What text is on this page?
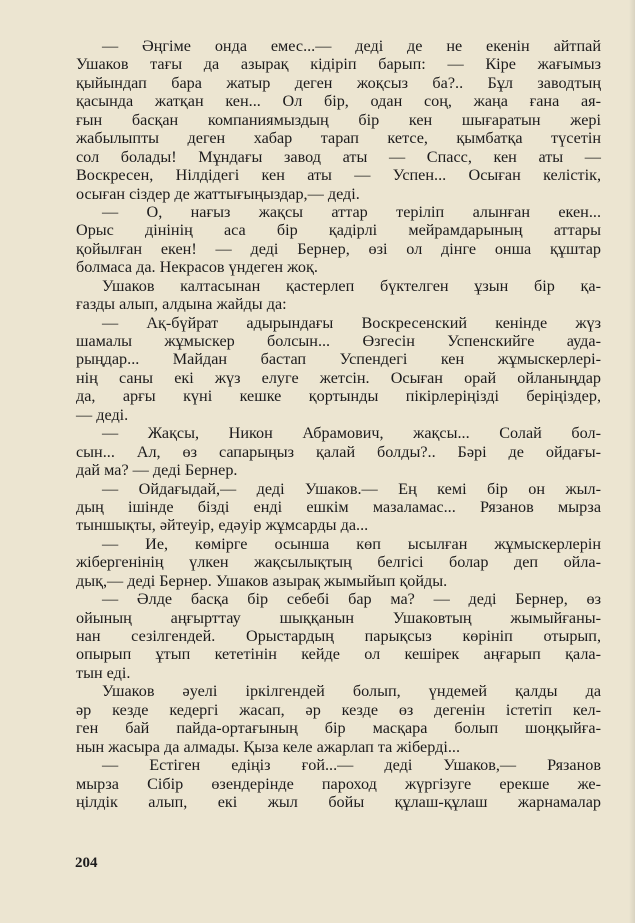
— Әңгіме онда емес...— деді де не екенін айтпай
Ушаков тағы да азырақ кідіріп барып: — Кіре жағымыз
қыйындап бара жатыр деген жоқсыз ба?.. Бұл заводтың
қасында жатқан кен... Ол бір, одан соң, жаңа ғана ая-
ғын басқан компаниямыздың бір кен шығаратын жері
жабылыпты деген хабар тарап кетсе, қымбатқа түсетін
сол болады! Мұндағы завод аты — Спасс, кен аты —
Воскресен, Нілдідегі кен аты — Успен... Осыған келістік,
осыған сіздер де жаттығыңыздар,— деді.
— О, нағыз жақсы аттар теріліп алынған екен...
Орыс дінінің аса бір қадірлі мейрамдарының аттары
қойылған екен! — деді Бернер, өзі ол дінге онша құштар
болмаса да. Некрасов үндеген жоқ.
Ушаков калтасынан қастерлеп бүктелген ұзын бір қа-
ғазды алып, алдына жайды да:
— Ақ-бүйрат адырындағы Воскресенский кенінде жүз
шамалы жұмыскер болсын... Өзгесін Успенскийге ауда-
рыңдар... Майдан бастап Успендегі кен жұмыскерлері-
нің саны екі жүз елуге жетсін. Осыған орай ойланыңдар
да, арғы күні кешке қортынды пікірлеріңізді беріңіздер,
— деді.
— Жақсы, Никон Абрамович, жақсы... Солай бол-
сын... Ал, өз сапарыңыз қалай болды?.. Бәрі де ойдағы-
дай ма? — деді Бернер.
— Ойдағыдай,— деді Ушаков.— Ең кемі бір он жыл-
дың ішінде бізді енді ешкім мазаламас... Рязанов мырза
тыншықты, әйтеуір, едәуір жұмсарды да...
— Ие, көмірге осынша көп ысылған жұмыскерлерін
жібергенінің үлкен жақсылықтың белгісі болар деп ойла-
дық,— деді Бернер. Ушаков азырақ жымыйып қойды.
— Әлде басқа бір себебі бар ма? — деді Бернер, өз
ойының аңғырттау шыққанын Ушаковтың жымыйғаны-
нан сезілгендей. Орыстардың парықсыз көрініп отырып,
опырып ұтып кететінін кейде ол кешірек аңғарып қала-
тын еді.
Ушаков әуелі іркілгендей болып, үндемей қалды да
әр кезде кедергі жасап, әр кезде өз дегенін істетіп кел-
ген бай пайда-ортағының бір масқара болып шоңқыйға-
нын жасыра да алмады. Қыза келе ажарлап та жіберді...
— Естіген едіңіз ғой...— деді Ушаков,— Рязанов
мырза Сібір өзендерінде пароход жүргізуге ерекше же-
ңілдік алып, екі жыл бойы құлаш-құлаш жарнамалар
204
